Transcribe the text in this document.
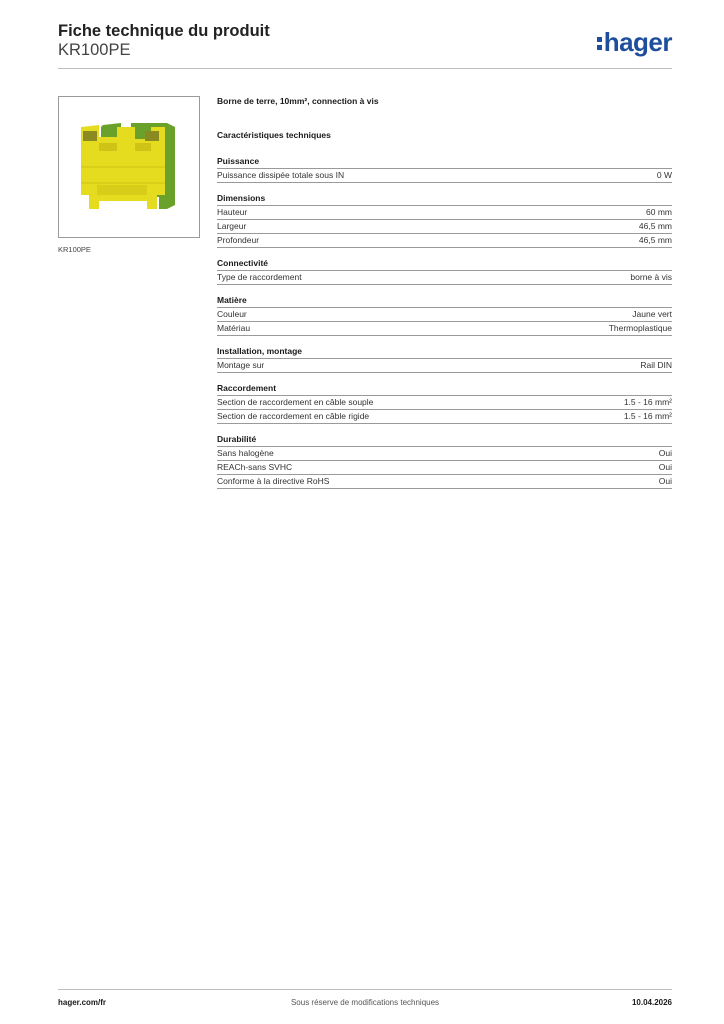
Fiche technique du produit
KR100PE	hager
KR100PE

Borne de terre, 10mm², connection à vis

Caractéristiques techniques

Puissance
Puissance dissipée totale sous IN	0 W
Dimensions
Hauteur	60 mm
Largeur	46,5 mm
Profondeur	46,5 mm
Connectivité
Type de raccordement	borne à vis
Matière
Couleur	Jaune vert
Matériau	Thermoplastique
Installation, montage
Montage sur	Rail DIN
Raccordement
Section de raccordement en câble souple	1.5 - 16 mm²
Section de raccordement en câble rigide	1.5 - 16 mm²
Durabilité
Sans halogène	Oui
REACh-sans SVHC	Oui
Conforme à la directive RoHS	Oui
hager.com/fr	Sous réserve de modifications techniques	10.04.2026
